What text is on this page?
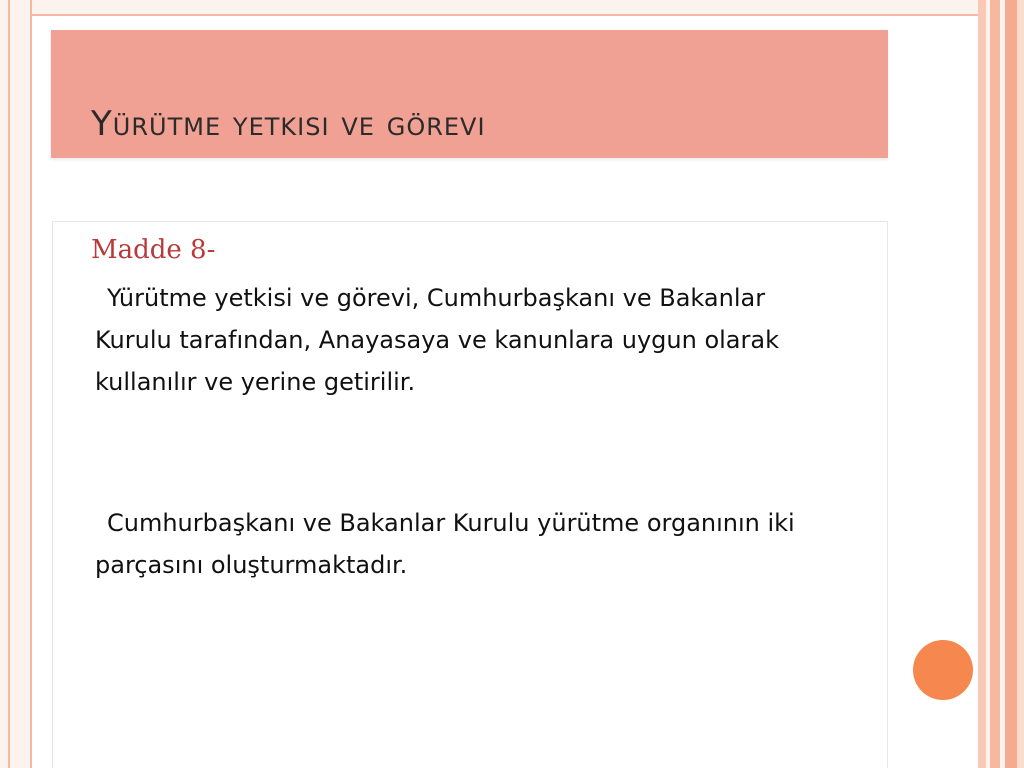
Yürütme yetkisi ve görevi
Madde 8-

Yürütme yetkisi ve görevi, Cumhurbaşkanı ve Bakanlar Kurulu tarafından, Anayasaya ve kanunlara uygun olarak kullanılır ve yerine getirilir.

Cumhurbaşkanı ve Bakanlar Kurulu yürütme organının iki parçasını oluşturmaktadır.
